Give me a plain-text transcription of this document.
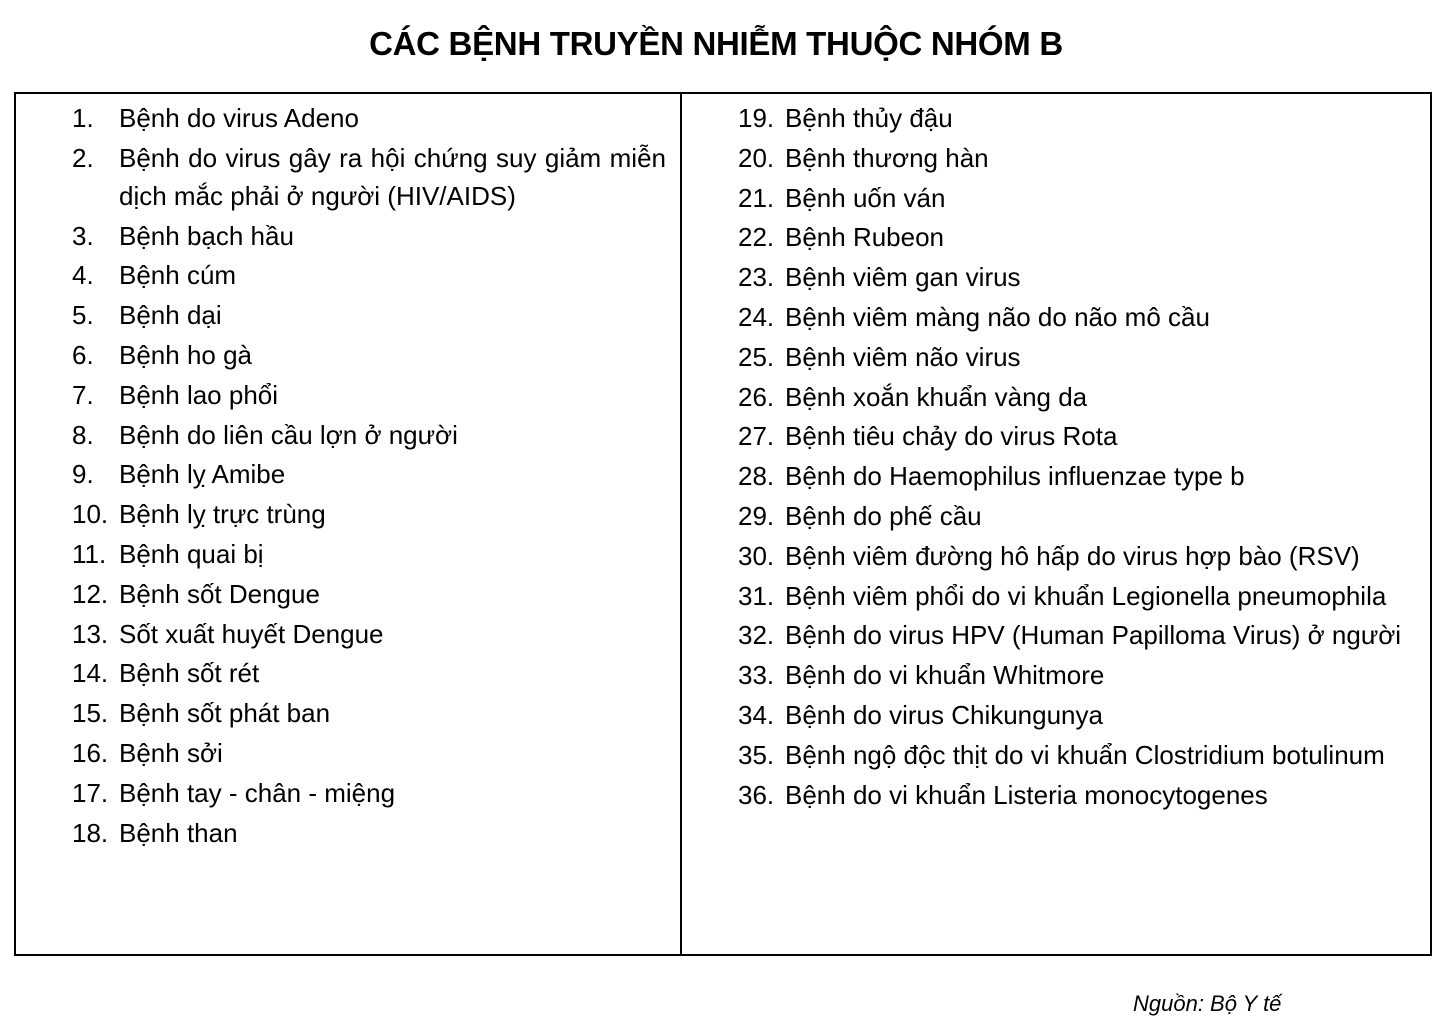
CÁC BỆNH TRUYỀN NHIỄM THUỘC NHÓM B
1. Bệnh do virus Adeno
2. Bệnh do virus gây ra hội chứng suy giảm miễn dịch mắc phải ở người (HIV/AIDS)
3. Bệnh bạch hầu
4. Bệnh cúm
5. Bệnh dại
6. Bệnh ho gà
7. Bệnh lao phổi
8. Bệnh do liên cầu lợn ở người
9. Bệnh lỵ Amibe
10. Bệnh lỵ trực trùng
11. Bệnh quai bị
12. Bệnh sốt Dengue
13. Sốt xuất huyết Dengue
14. Bệnh sốt rét
15. Bệnh sốt phát ban
16. Bệnh sởi
17. Bệnh tay - chân - miệng
18. Bệnh than
19. Bệnh thủy đậu
20. Bệnh thương hàn
21. Bệnh uốn ván
22. Bệnh Rubeon
23. Bệnh viêm gan virus
24. Bệnh viêm màng não do não mô cầu
25. Bệnh viêm não virus
26. Bệnh xoắn khuẩn vàng da
27. Bệnh tiêu chảy do virus Rota
28. Bệnh do Haemophilus influenzae type b
29. Bệnh do phế cầu
30. Bệnh viêm đường hô hấp do virus hợp bào (RSV)
31. Bệnh viêm phổi do vi khuẩn Legionella pneumophila
32. Bệnh do virus HPV (Human Papilloma Virus) ở người
33. Bệnh do vi khuẩn Whitmore
34. Bệnh do virus Chikungunya
35. Bệnh ngộ độc thịt do vi khuẩn Clostridium botulinum
36. Bệnh do vi khuẩn Listeria monocytogenes
Nguồn: Bộ Y tế
